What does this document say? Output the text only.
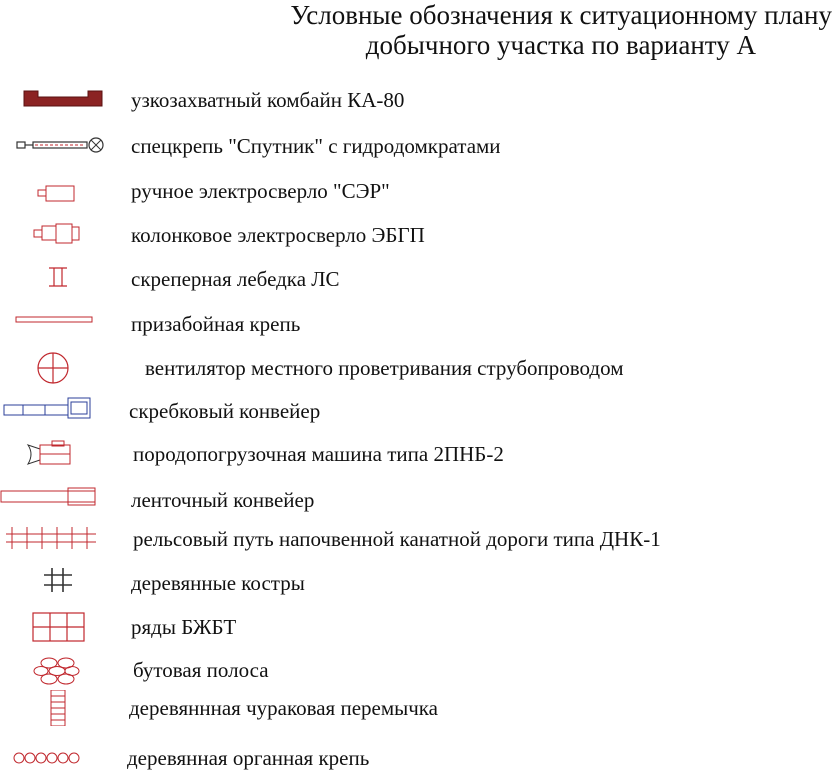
Условные обозначения к ситуационному плану
добычного участка по варианту А
узкозахватный комбайн КА-80
спецкрепь "Спутник" с гидродомкратами
ручное электросверло "СЭР"
колонковое электросверло ЭБГП
скреперная лебедка ЛС
призабойная крепь
вентилятор местного проветривания струбопроводом
скребковый конвейер
породопогрузочная машина типа 2ПНБ-2
ленточный конвейер
рельсовый путь напочвенной канатной дороги типа ДНК-1
деревянные костры
ряды БЖБТ
бутовая полоса
деревяннная чураковая перемычка
деревянная органная крепь
